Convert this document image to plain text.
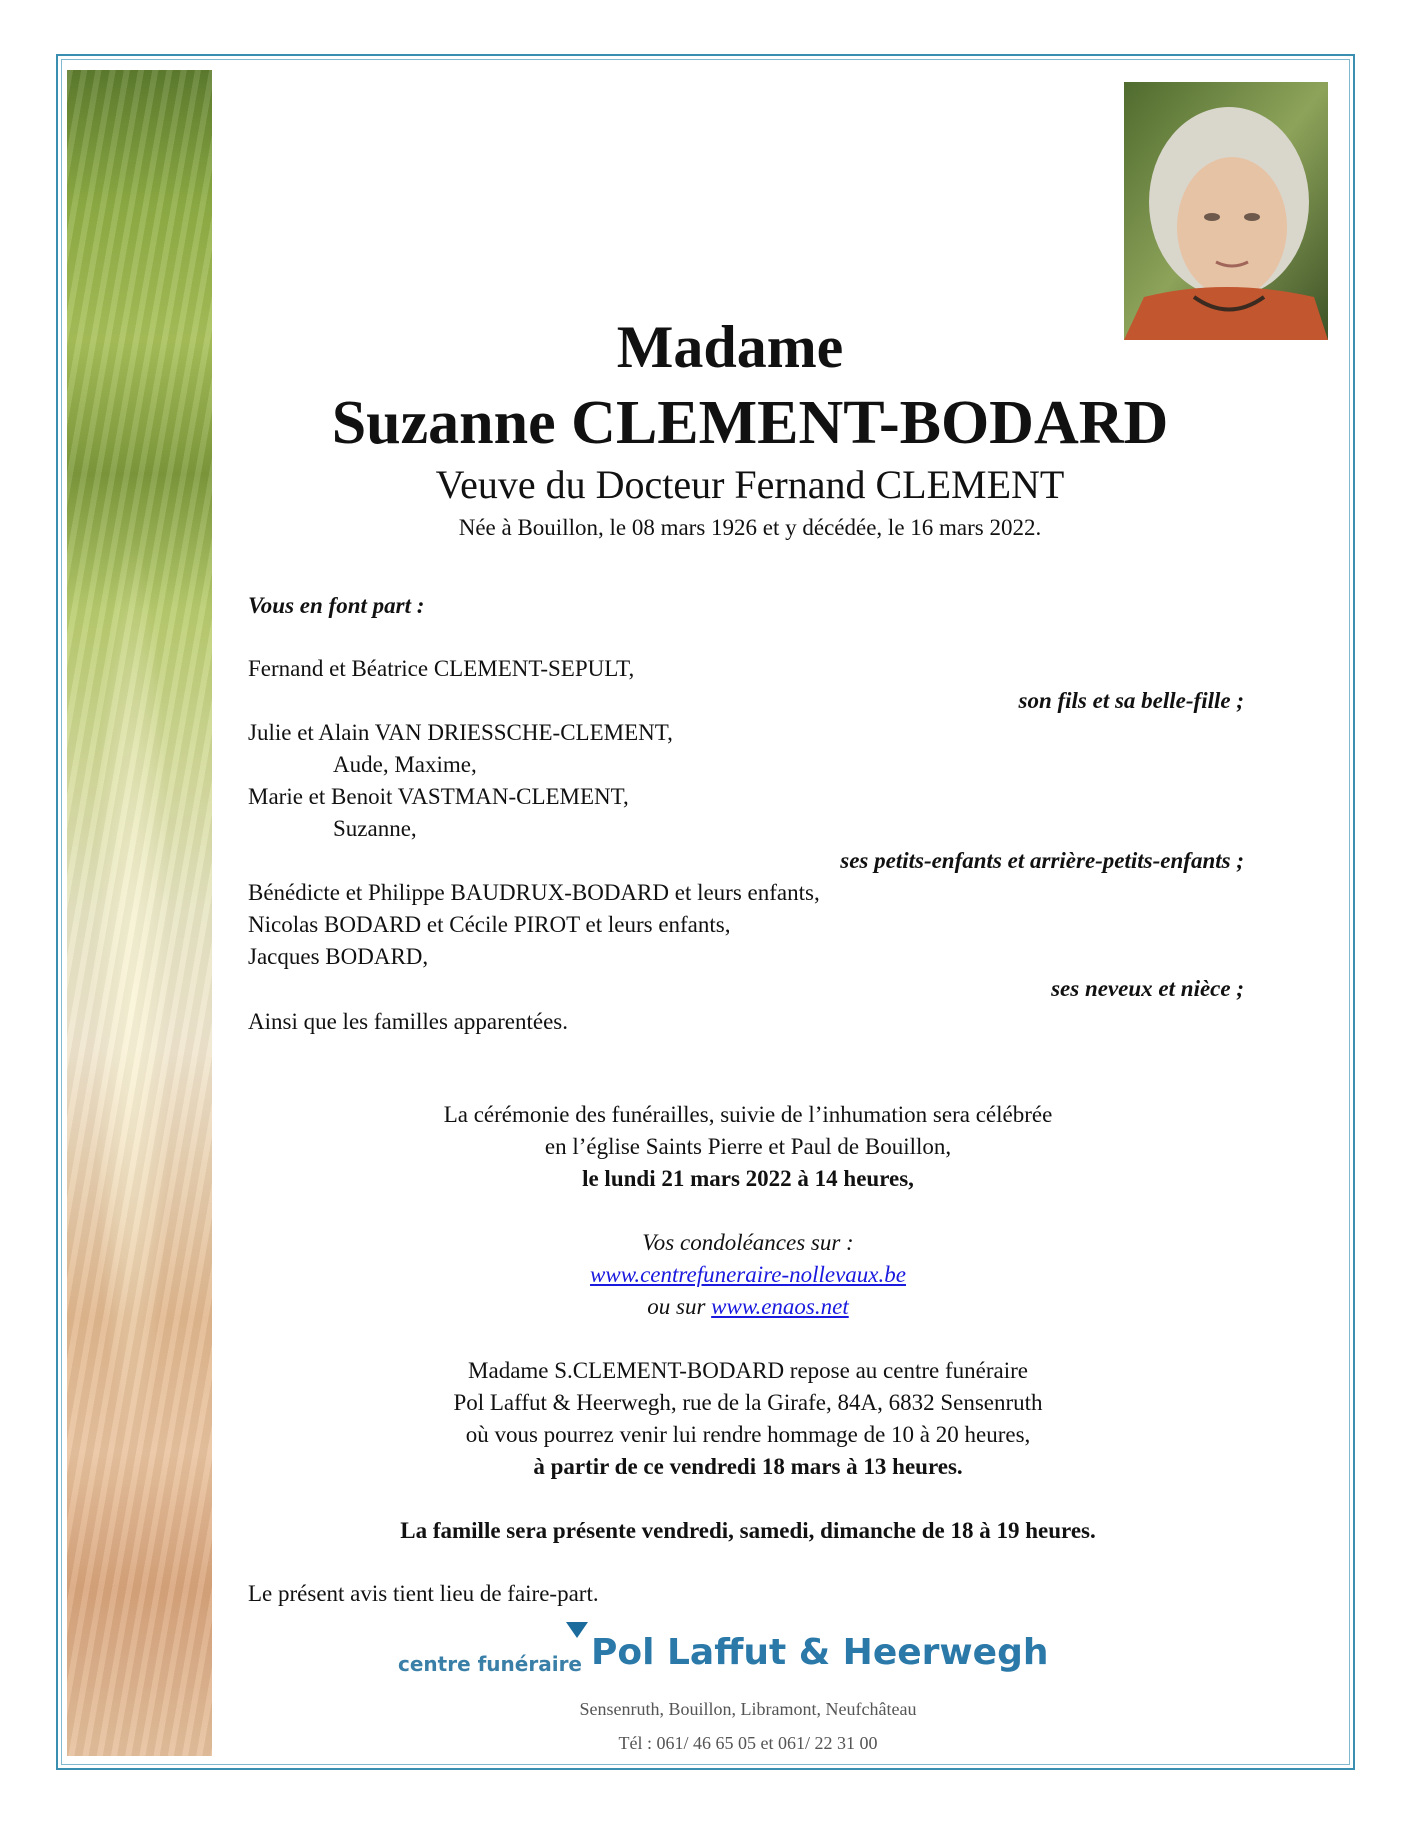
Madame
Suzanne CLEMENT-BODARD
Veuve du Docteur Fernand CLEMENT
Née à Bouillon, le 08 mars 1926 et y décédée, le 16 mars 2022.

Vous en font part :

Fernand et Béatrice CLEMENT-SEPULT,

son fils et sa belle-fille ;

Julie et Alain VAN DRIESSCHE-CLEMENT,

Aude, Maxime,

Marie et Benoit VASTMAN-CLEMENT,

Suzanne,

ses petits-enfants et arrière-petits-enfants ;

Bénédicte et Philippe BAUDRUX-BODARD et leurs enfants,

Nicolas BODARD et Cécile PIROT et leurs enfants,

Jacques BODARD,

ses neveux et nièce ;

Ainsi que les familles apparentées.

La cérémonie des funérailles, suivie de l’inhumation sera célébrée

en l’église Saints Pierre et Paul de Bouillon,

le lundi 21 mars 2022 à 14 heures,

Vos condoléances sur :

www.centrefuneraire-nollevaux.be

ou sur www.enaos.net

Madame S.CLEMENT-BODARD repose au centre funéraire

Pol Laffut & Heerwegh, rue de la Girafe, 84A, 6832 Sensenruth

où vous pourrez venir lui rendre hommage de 10 à 20 heures,

à partir de ce vendredi 18 mars à 13 heures.

La famille sera présente vendredi, samedi, dimanche de 18 à 19 heures.

Le présent avis tient lieu de faire-part.

centre funéraire Pol Laffut & Heerwegh

Sensenruth, Bouillon, Libramont, Neufchâteau

Tél : 061/ 46 65 05 et 061/ 22 31 00
